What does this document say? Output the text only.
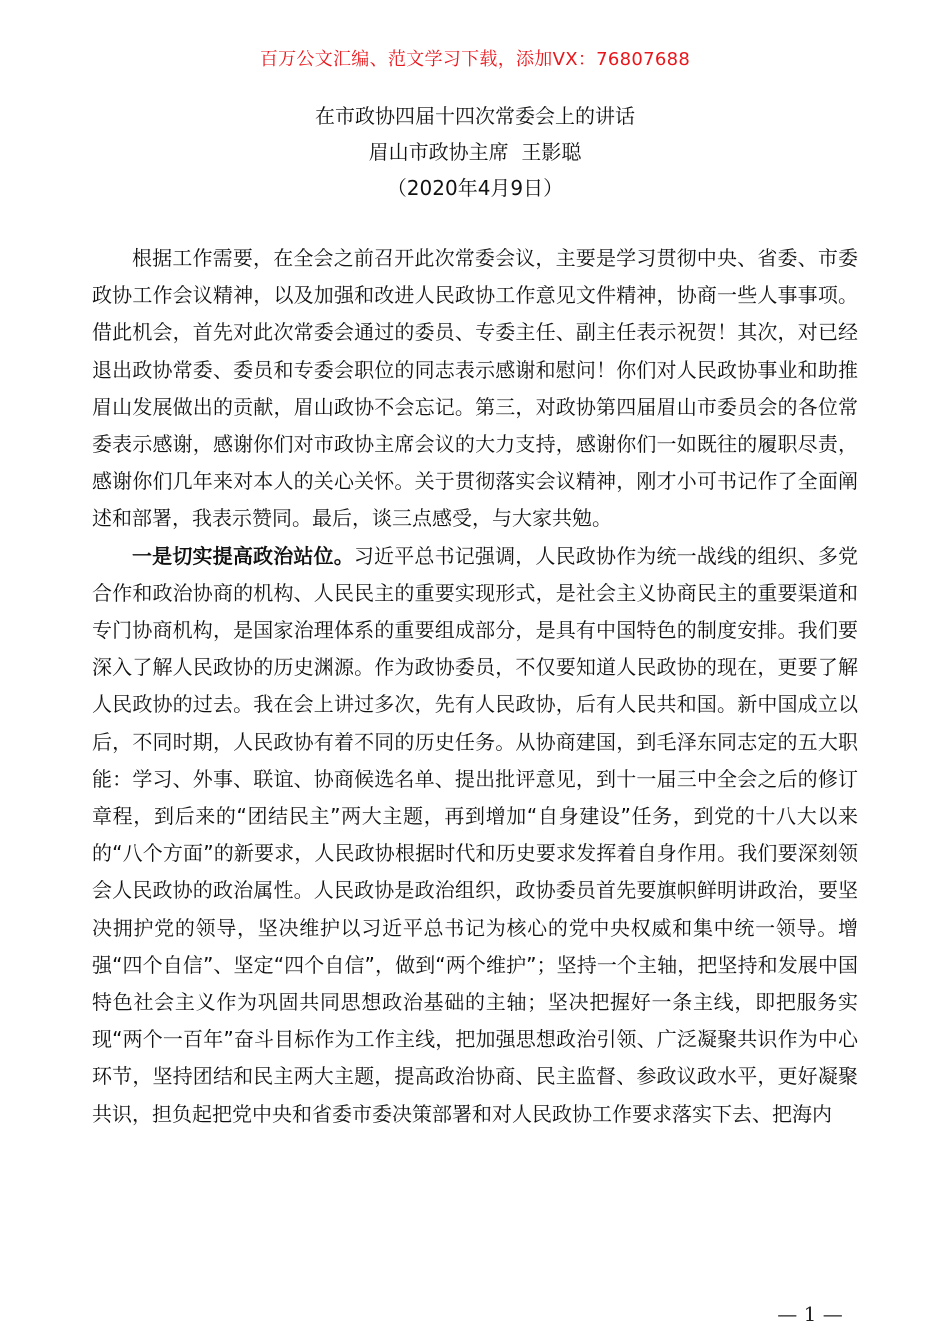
百万公文汇编、范文学习下载，添加VX：76807688
在市政协四届十四次常委会上的讲话
眉山市政协主席  王影聪
（2020年4月9日）

根据工作需要，在全会之前召开此次常委会议，主要是学习贯彻中央、省委、市委政协工作会议精神，以及加强和改进人民政协工作意见文件精神，协商一些人事事项。借此机会，首先对此次常委会通过的委员、专委主任、副主任表示祝贺！其次，对已经退出政协常委、委员和专委会职位的同志表示感谢和慰问！你们对人民政协事业和助推眉山发展做出的贡献，眉山政协不会忘记。第三，对政协第四届眉山市委员会的各位常委表示感谢，感谢你们对市政协主席会议的大力支持，感谢你们一如既往的履职尽责，感谢你们几年来对本人的关心关怀。关于贯彻落实会议精神，刚才小可书记作了全面阐述和部署，我表示赞同。最后，谈三点感受，与大家共勉。

一是切实提高政治站位。习近平总书记强调，人民政协作为统一战线的组织、多党合作和政治协商的机构、人民民主的重要实现形式，是社会主义协商民主的重要渠道和专门协商机构，是国家治理体系的重要组成部分，是具有中国特色的制度安排。我们要深入了解人民政协的历史渊源。作为政协委员，不仅要知道人民政协的现在，更要了解人民政协的过去。我在会上讲过多次，先有人民政协，后有人民共和国。新中国成立以后，不同时期，人民政协有着不同的历史任务。从协商建国，到毛泽东同志定的五大职能：学习、外事、联谊、协商候选名单、提出批评意见，到十一届三中全会之后的修订章程，到后来的“团结民主”两大主题，再到增加“自身建设”任务，到党的十八大以来的“八个方面”的新要求，人民政协根据时代和历史要求发挥着自身作用。我们要深刻领会人民政协的政治属性。人民政协是政治组织，政协委员首先要旗帜鲜明讲政治，要坚决拥护党的领导，坚决维护以习近平总书记为核心的党中央权威和集中统一领导。增强“四个自信”、坚定“四个自信”，做到“两个维护”；坚持一个主轴，把坚持和发展中国特色社会主义作为巩固共同思想政治基础的主轴；坚决把握好一条主线，即把服务实现“两个一百年”奋斗目标作为工作主线，把加强思想政治引领、广泛凝聚共识作为中心环节，坚持团结和民主两大主题，提高政治协商、民主监督、参政议政水平，更好凝聚共识，担负起把党中央和省委市委决策部署和对人民政协工作要求落实下去、把海内

— 1 —
